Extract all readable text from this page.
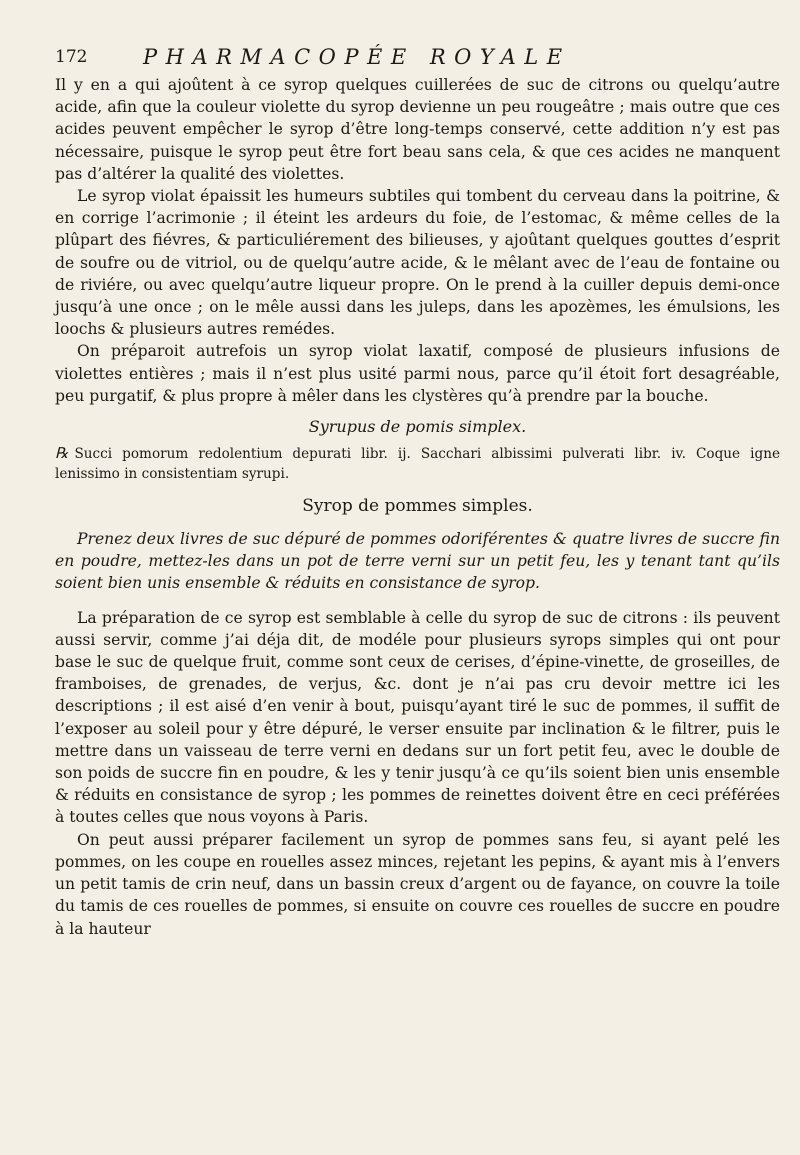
172	PHARMACOPÉE ROYALE

Il y en a qui ajoûtent à ce syrop quelques cuillerées de suc de citrons ou quelqu’autre acide, afin que la couleur violette du syrop devienne un peu rougeâtre ; mais outre que ces acides peuvent empêcher le syrop d’être long-temps conservé, cette addition n’y est pas nécessaire, puisque le syrop peut être fort beau sans cela, & que ces acides ne manquent pas d’altérer la qualité des violettes.

Le syrop violat épaissit les humeurs subtiles qui tombent du cerveau dans la poitrine, & en corrige l’acrimonie ; il éteint les ardeurs du foie, de l’estomac, & même celles de la plûpart des fiévres, & particuliérement des bilieuses, y ajoûtant quelques gouttes d’esprit de soufre ou de vitriol, ou de quelqu’autre acide, & le mêlant avec de l’eau de fontaine ou de riviére, ou avec quelqu’autre liqueur propre. On le prend à la cuiller depuis demi-once jusqu’à une once ; on le mêle aussi dans les juleps, dans les apozèmes, les émulsions, les loochs & plusieurs autres remédes.

On préparoit autrefois un syrop violat laxatif, composé de plusieurs infusions de violettes entières ; mais il n’est plus usité parmi nous, parce qu’il étoit fort desagréable, peu purgatif, & plus propre à mêler dans les clystères qu’à prendre par la bouche.

Syrupus de pomis simplex.

℞ Succi pomorum redolentium depurati libr. ij. Sacchari albissimi pulverati libr. iv. Coque igne lenissimo in consistentiam syrupi.

Syrop de pommes simples.

Prenez deux livres de suc dépuré de pommes odoriférentes & quatre livres de succre fin en poudre, mettez-les dans un pot de terre verni sur un petit feu, les y tenant tant qu’ils soient bien unis ensemble & réduits en consistance de syrop.

La préparation de ce syrop est semblable à celle du syrop de suc de citrons : ils peuvent aussi servir, comme j’ai déja dit, de modéle pour plusieurs syrops simples qui ont pour base le suc de quelque fruit, comme sont ceux de cerises, d’épine-vinette, de groseilles, de framboises, de grenades, de verjus, &c. dont je n’ai pas cru devoir mettre ici les descriptions ; il est aisé d’en venir à bout, puisqu’ayant tiré le suc de pommes, il suffit de l’exposer au soleil pour y être dépuré, le verser ensuite par inclination & le filtrer, puis le mettre dans un vaisseau de terre verni en dedans sur un fort petit feu, avec le double de son poids de succre fin en poudre, & les y tenir jusqu’à ce qu’ils soient bien unis ensemble & réduits en consistance de syrop ; les pommes de reinettes doivent être en ceci préférées à toutes celles que nous voyons à Paris.

On peut aussi préparer facilement un syrop de pommes sans feu, si ayant pelé les pommes, on les coupe en rouelles assez minces, rejetant les pepins, & ayant mis à l’envers un petit tamis de crin neuf, dans un bassin creux d’argent ou de fayance, on couvre la toile du tamis de ces rouelles de pommes, si ensuite on couvre ces rouelles de succre en poudre à la hauteur
